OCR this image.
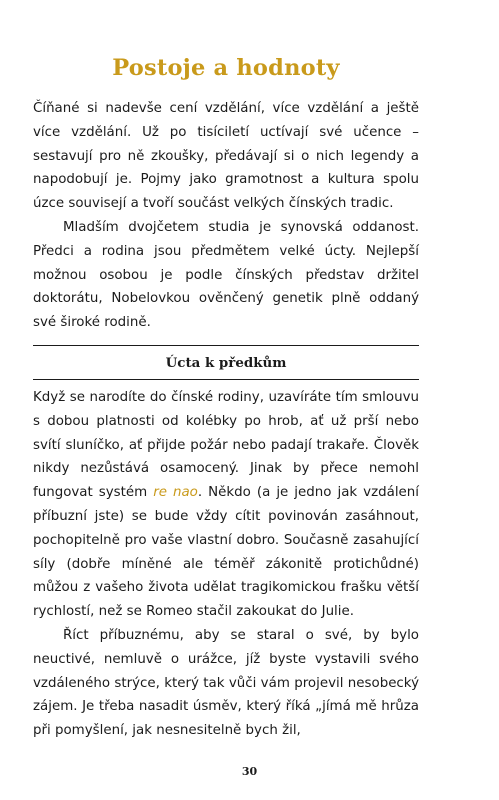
Postoje a hodnoty

Číňané si nadevše cení vzdělání, více vzdělání a ještě více vzdělání. Už po tisíciletí uctívají své učence – sestavují pro ně zkoušky, předávají si o nich legendy a napodobují je. Pojmy jako gramotnost a kultura spolu úzce souvisejí a tvoří součást velkých čínských tradic.

Mladším dvojčetem studia je synovská oddanost. Předci a rodina jsou předmětem velké úcty. Nejlepší možnou osobou je podle čínských představ držitel doktorátu, Nobelovkou ověnčený genetik plně oddaný své široké rodině.

Úcta k předkům

Když se narodíte do čínské rodiny, uzavíráte tím smlouvu s dobou platnosti od kolébky po hrob, ať už prší nebo svítí sluníčko, ať přijde požár nebo padají trakaře. Člověk nikdy nezůstává osamocený. Jinak by přece nemohl fungovat systém re nao. Někdo (a je jedno jak vzdálení příbuzní jste) se bude vždy cítit povinován zasáhnout, pochopitelně pro vaše vlastní dobro. Současně zasahující síly (dobře míněné ale téměř zákonitě protichůdné) můžou z vašeho života udělat tragikomickou frašku větší rychlostí, než se Romeo stačil zakoukat do Julie.

Říct příbuznému, aby se staral o své, by bylo neuctivé, nemluvě o urážce, jíž byste vystavili svého vzdáleného strýce, který tak vůči vám projevil nesobecký zájem. Je třeba nasadit úsměv, který říká „jímá mě hrůza při pomyšlení, jak nesnesitelně bych žil,

30
